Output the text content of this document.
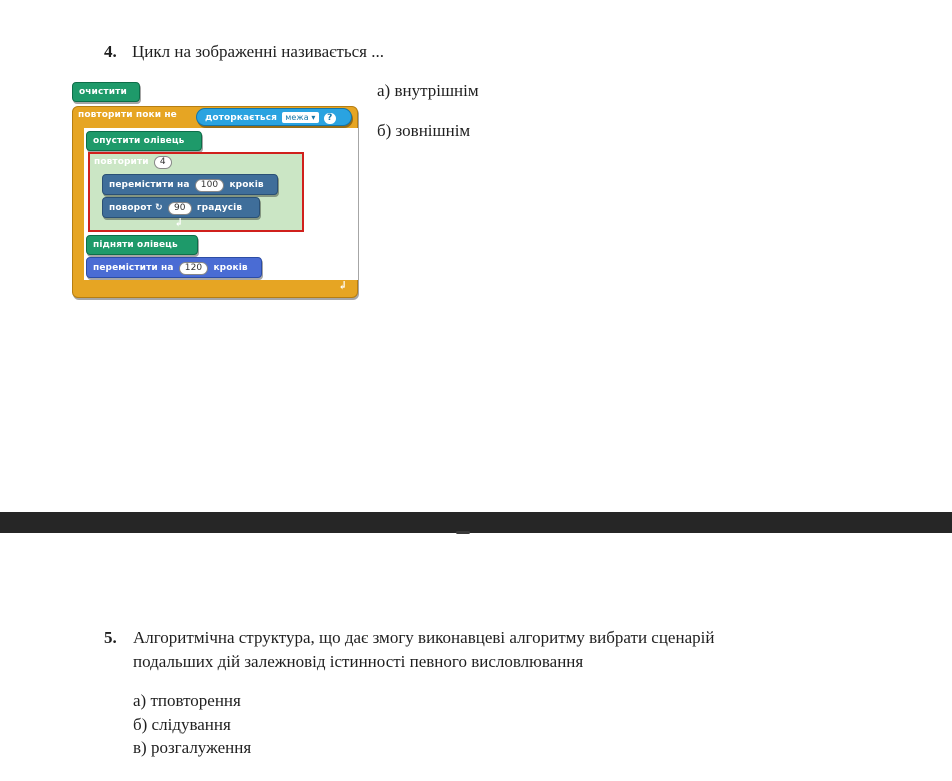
4. Цикл на зображенні називається ...
повторити поки не	доторкається межа ▾ ?
очистити
опустити олівець
повторити 4
перемістити на 100 кроків
поворот ↻ 90 градусів
↲
підняти олівець
перемістити на 120 кроків
↲
а) внутрішнім
б) зовнішнім
5. Алгоритмічна структура, що дає змогу виконавцеві алгоритму вибрати сценарій
подальших дій залежновід істинності певного висловлювання
а) тповторення
б) слідування
в) розгалуження
